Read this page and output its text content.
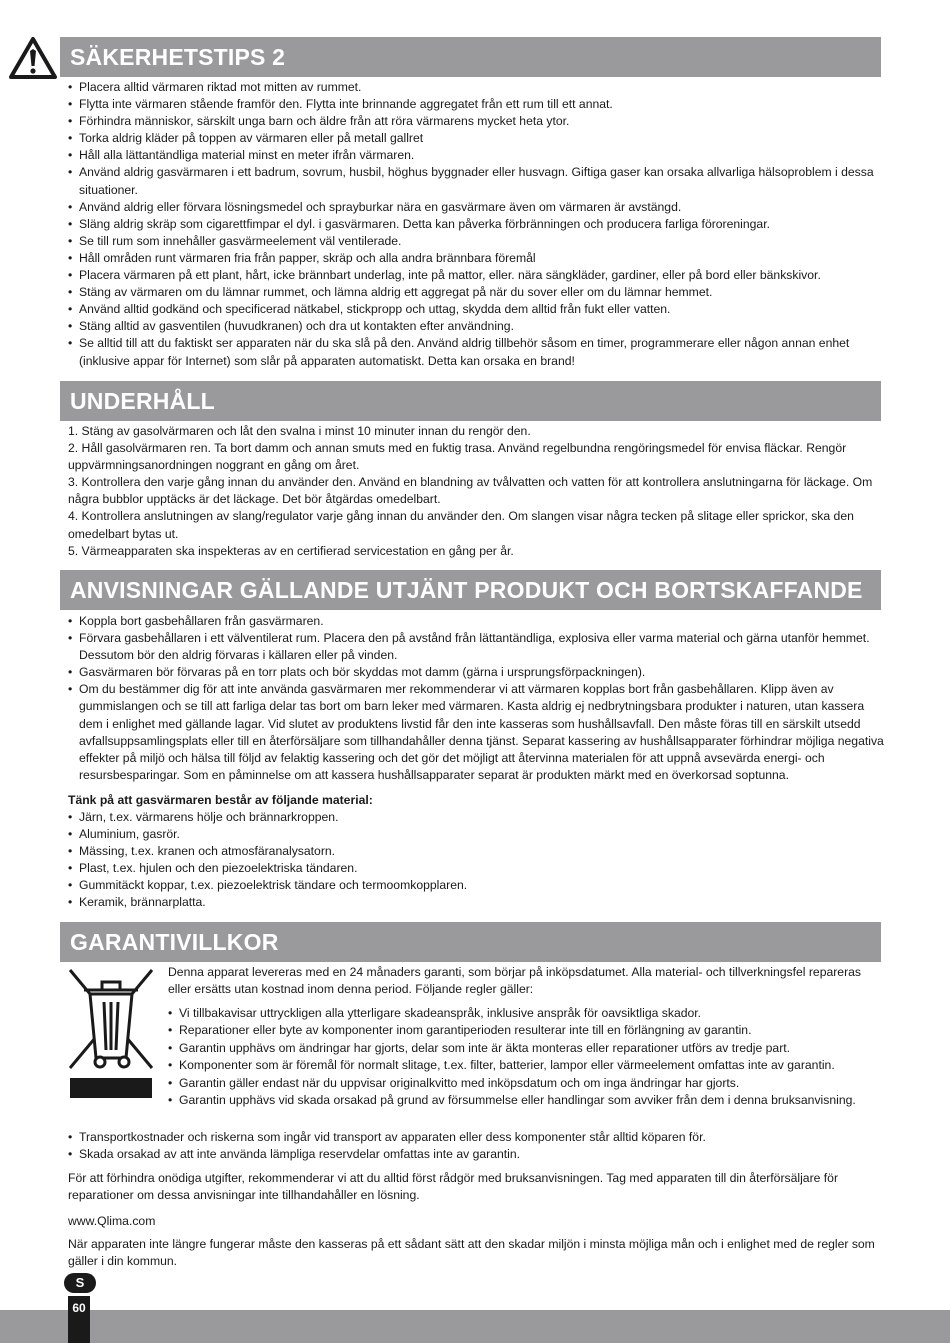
SÄKERHETSTIPS 2
• Placera alltid värmaren riktad mot mitten av rummet.
• Flytta inte värmaren stående framför den. Flytta inte brinnande aggregatet från ett rum till ett annat.
• Förhindra människor, särskilt unga barn och äldre från att röra värmarens mycket heta ytor.
• Torka aldrig kläder på toppen av värmaren eller på metall gallret
• Håll alla lättantändliga material minst en meter ifrån värmaren.
• Använd aldrig gasvärmaren i ett badrum, sovrum, husbil, höghus byggnader eller husvagn. Giftiga gaser kan orsaka allvarliga hälsoproblem i dessa situationer.
• Använd aldrig eller förvara lösningsmedel och sprayburkar nära en gasvärmare även om värmaren är avstängd.
• Släng aldrig skräp som cigarettfimpar el dyl. i gasvärmaren. Detta kan påverka förbränningen och producera farliga föroreningar.
• Se till rum som innehåller gasvärmeelement väl ventilerade.
• Håll områden runt värmaren fria från papper, skräp och alla andra brännbara föremål
• Placera värmaren på ett plant, hårt, icke brännbart underlag, inte på mattor, eller. nära sängkläder, gardiner, eller på bord eller bänkskivor.
• Stäng av värmaren om du lämnar rummet, och lämna aldrig ett aggregat på när du sover eller om du lämnar hemmet.
• Använd alltid godkänd och specificerad nätkabel, stickpropp och uttag, skydda dem alltid från fukt eller vatten.
• Stäng alltid av gasventilen (huvudkranen) och dra ut kontakten efter användning.
• Se alltid till att du faktiskt ser apparaten när du ska slå på den. Använd aldrig tillbehör såsom en timer, programmerare eller någon annan enhet (inklusive appar för Internet) som slår på apparaten automatiskt. Detta kan orsaka en brand!
UNDERHÅLL
1. Stäng av gasolvärmaren och låt den svalna i minst 10 minuter innan du rengör den.
2. Håll gasolvärmaren ren. Ta bort damm och annan smuts med en fuktig trasa. Använd regelbundna rengöringsmedel för envisa fläckar. Rengör uppvärmningsanordningen noggrant en gång om året.
3. Kontrollera den varje gång innan du använder den. Använd en blandning av tvålvatten och vatten för att kontrollera anslutningarna för läckage. Om några bubblor upptäcks är det läckage. Det bör åtgärdas omedelbart.
4. Kontrollera anslutningen av slang/regulator varje gång innan du använder den. Om slangen visar några tecken på slitage eller sprickor, ska den omedelbart bytas ut.
5. Värmeapparaten ska inspekteras av en certifierad servicestation en gång per år.
ANVISNINGAR GÄLLANDE UTJÄNT PRODUKT OCH BORTSKAFFANDE
• Koppla bort gasbehållaren från gasvärmaren.
• Förvara gasbehållaren i ett välventilerat rum. Placera den på avstånd från lättantändliga, explosiva eller varma material och gärna utanför hemmet. Dessutom bör den aldrig förvaras i källaren eller på vinden.
• Gasvärmaren bör förvaras på en torr plats och bör skyddas mot damm (gärna i ursprungsförpackningen).
• Om du bestämmer dig för att inte använda gasvärmaren mer rekommenderar vi att värmaren kopplas bort från gasbehållaren. Klipp även av gummislangen och se till att farliga delar tas bort om barn leker med värmaren. Kasta aldrig ej nedbrytningsbara produkter i naturen, utan kassera dem i enlighet med gällande lagar. Vid slutet av produktens livstid får den inte kasseras som hushållsavfall. Den måste föras till en särskilt utsedd avfallsuppsamlingsplats eller till en återförsäljare som tillhandahåller denna tjänst. Separat kassering av hushållsapparater förhindrar möjliga negativa effekter på miljö och hälsa till följd av felaktig kassering och det gör det möjligt att återvinna materialen för att uppnå avsevärda energi- och resursbesparingar. Som en påminnelse om att kassera hushållsapparater separat är produkten märkt med en överkorsad soptunna.

Tänk på att gasvärmaren består av följande material:

• Järn, t.ex. värmarens hölje och brännarkroppen.
• Aluminium, gasrör.
• Mässing, t.ex. kranen och atmosfäranalysatorn.
• Plast, t.ex. hjulen och den piezoelektriska tändaren.
• Gummitäckt koppar, t.ex. piezoelektrisk tändare och termoomkopplaren.
• Keramik, brännarplatta.
GARANTIVILLKOR

Denna apparat levereras med en 24 månaders garanti, som börjar på inköpsdatumet. Alla material- och tillverkningsfel repareras eller ersätts utan kostnad inom denna period. Följande regler gäller:

• Vi tillbakavisar uttryckligen alla ytterligare skadeanspråk, inklusive anspråk för oavsiktliga skador.
• Reparationer eller byte av komponenter inom garantiperioden resulterar inte till en förlängning av garantin.
• Garantin upphävs om ändringar har gjorts, delar som inte är äkta monteras eller reparationer utförs av tredje part.
• Komponenter som är föremål för normalt slitage, t.ex. filter, batterier, lampor eller värmeelement omfattas inte av garantin.
• Garantin gäller endast när du uppvisar originalkvitto med inköpsdatum och om inga ändringar har gjorts.
• Garantin upphävs vid skada orsakad på grund av försummelse eller handlingar som avviker från dem i denna bruksanvisning.
• Transportkostnader och riskerna som ingår vid transport av apparaten eller dess komponenter står alltid köparen för.
• Skada orsakad av att inte använda lämpliga reservdelar omfattas inte av garantin.

För att förhindra onödiga utgifter, rekommenderar vi att du alltid först rådgör med bruksanvisningen. Tag med apparaten till din återförsäljare för reparationer om dessa anvisningar inte tillhandahåller en lösning.

www.Qlima.com

När apparaten inte längre fungerar måste den kasseras på ett sådant sätt att den skadar miljön i minsta möjliga mån och i enlighet med de regler som gäller i din kommun.

60
S
